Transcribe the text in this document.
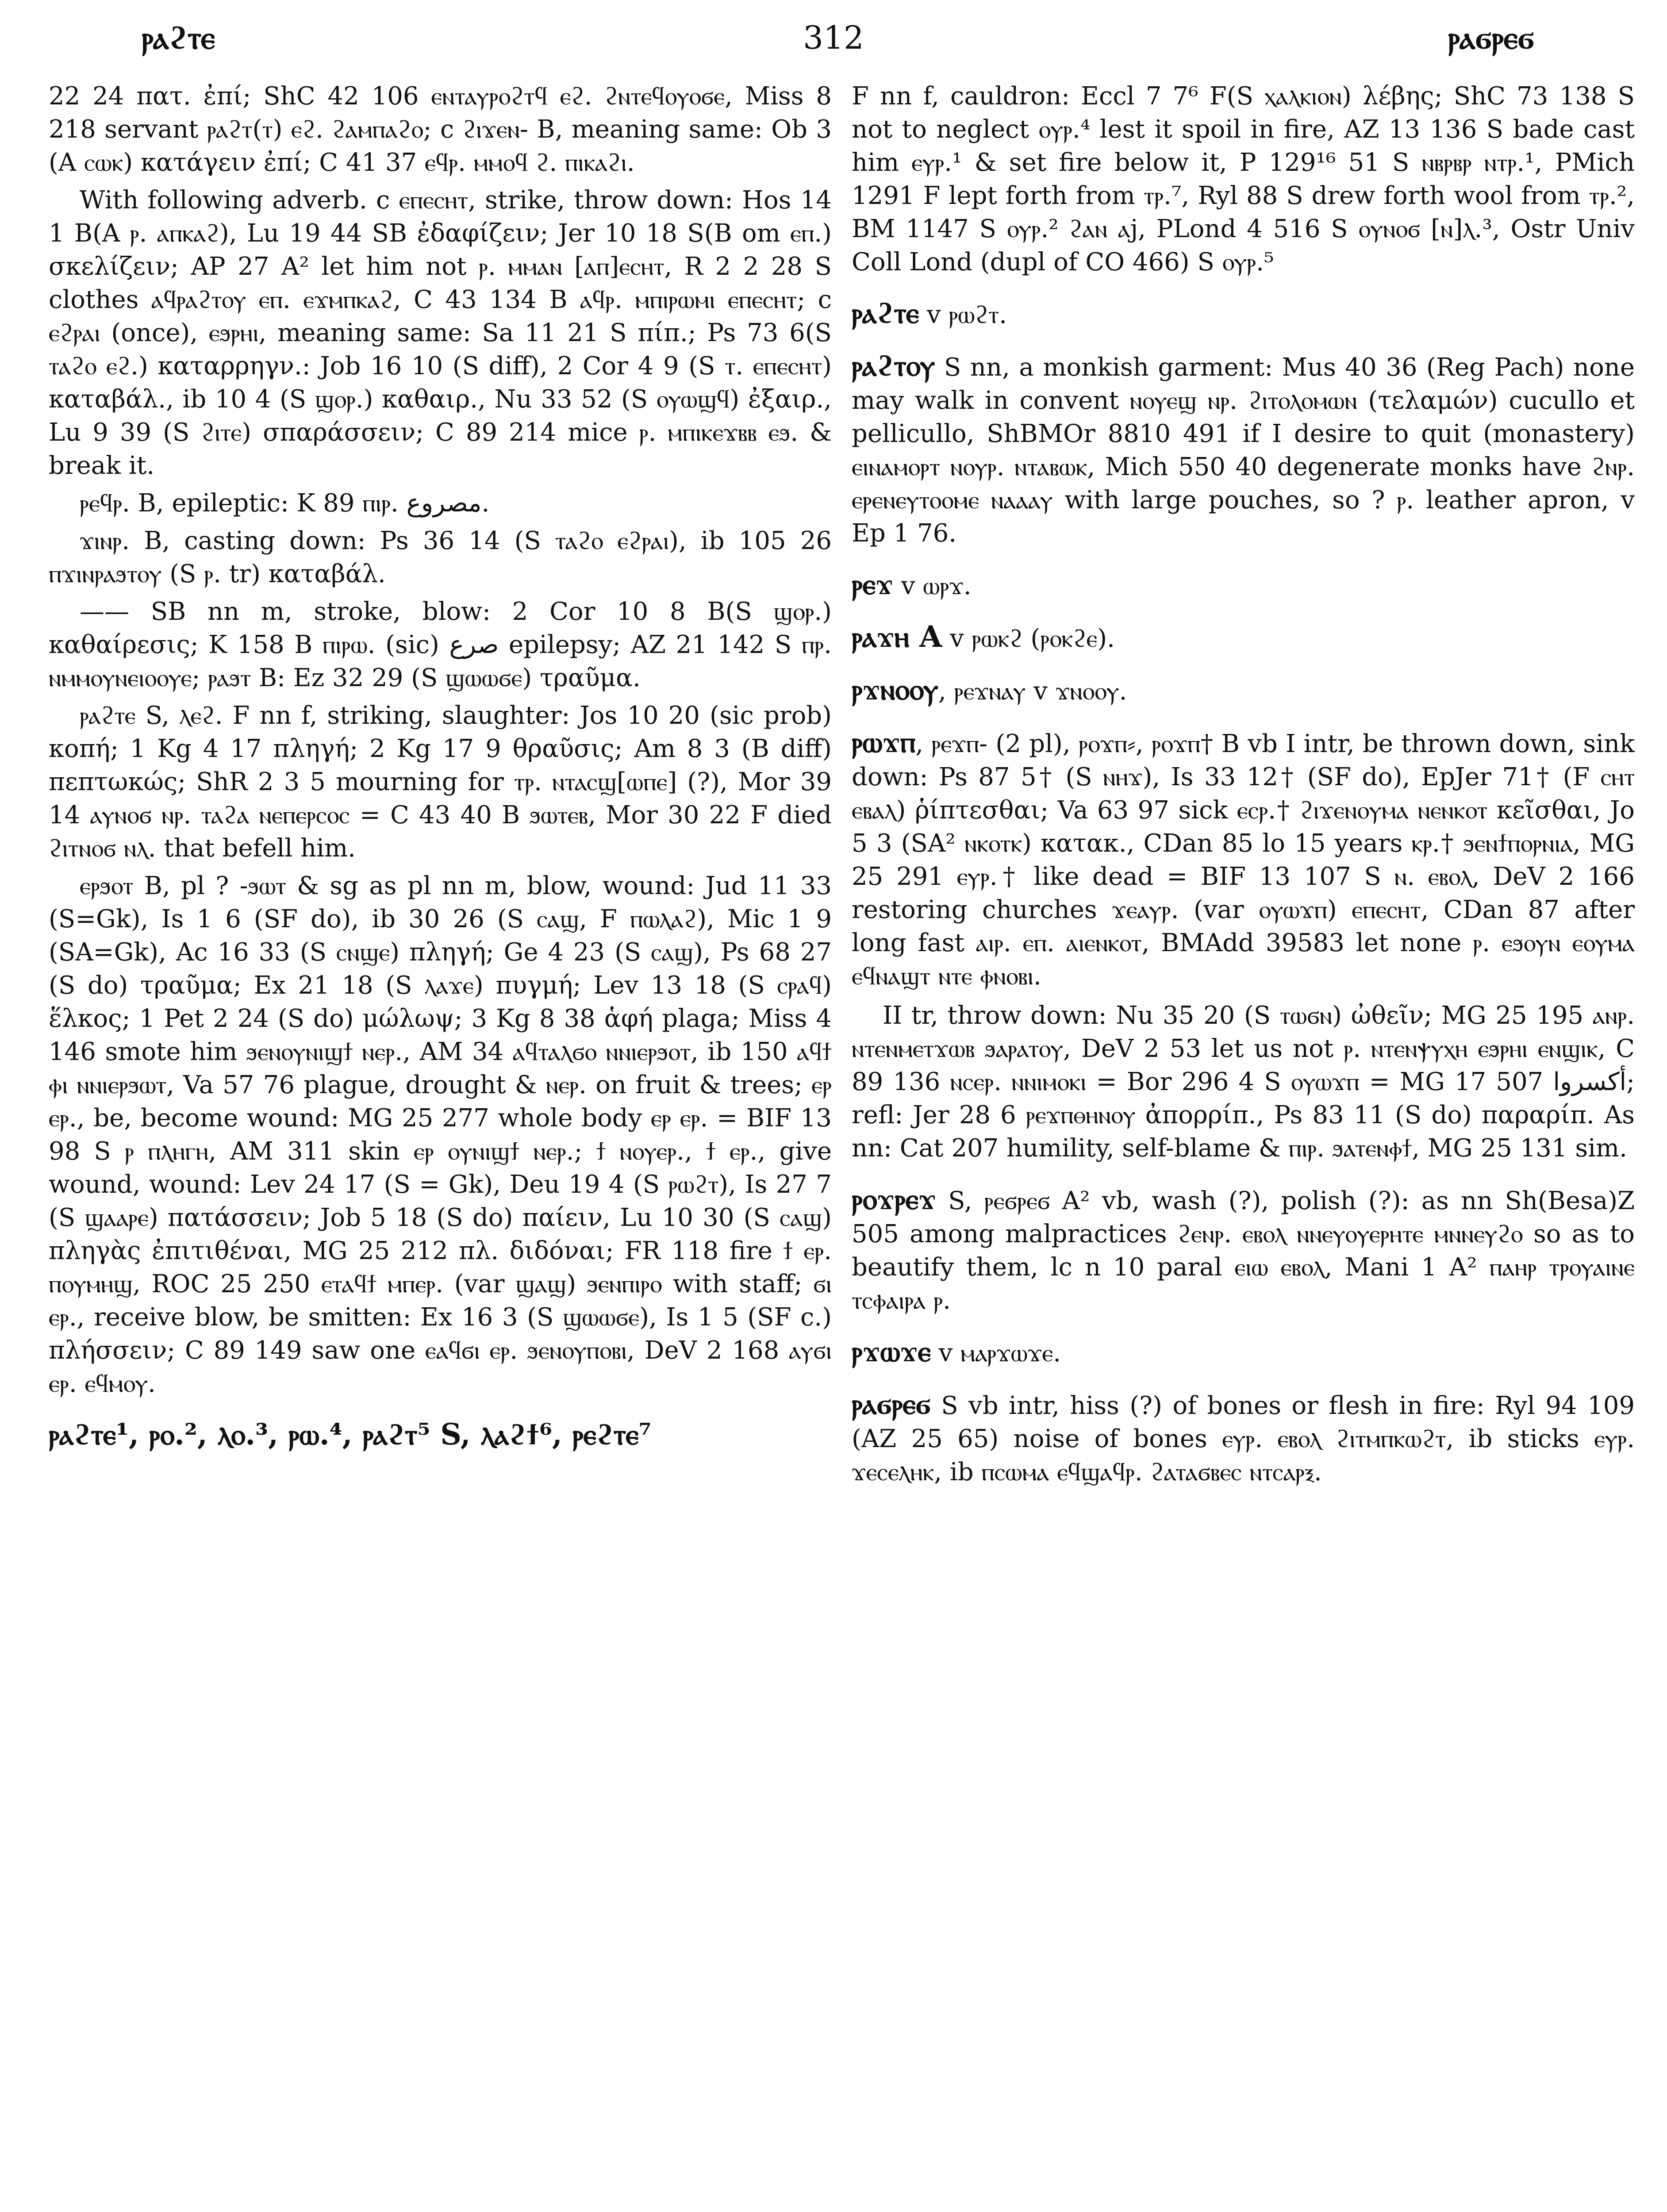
ⲣⲁϩⲧⲉ	312	ⲣⲁϭⲣⲉϭ

22 24 πατ. ἐπί; ShC 42 106 ⲉⲛⲧⲁⲩⲣⲟϩⲧϥ ⲉϩ. ϩⲛⲧⲉϥⲟⲩⲟϭⲉ, Miss 8 218 servant ⲣⲁϩⲧ(ⲧ) ⲉϩ. ϩⲁⲙⲡⲁϩⲟ; c ϩⲓϫⲉⲛ- B, meaning same: Ob 3 (A ⲥⲱⲕ) κατάγειν ἐπί; C 41 37 ⲉϥⲣ. ⲙⲙⲟϥ ϩ. ⲡⲓⲕⲁϩⲓ.

With following adverb. c ⲉⲡⲉⲥⲏⲧ, strike, throw down: Hos 14 1 B(A ⲣ. ⲁⲡⲕⲁϩ), Lu 19 44 SB ἐδαφίζειν; Jer 10 18 S(B om ⲉⲡ.) σκελίζειν; AP 27 A² let him not ⲣ. ⲙⲙⲁⲛ [ⲁⲡ]ⲉⲥⲏⲧ, R 2 2 28 S clothes ⲁϥⲣⲁϩⲧⲟⲩ ⲉⲡ. ⲉϫⲙⲡⲕⲁϩ, C 43 134 B ⲁϥⲣ. ⲙⲡⲓⲣⲱⲙⲓ ⲉⲡⲉⲥⲏⲧ; c ⲉϩⲣⲁⲓ (once), ⲉϧⲣⲏⲓ, meaning same: Sa 11 21 S πίπ.; Ps 73 6(S ⲧⲁϩⲟ ⲉϩ.) καταρρηγν.: Job 16 10 (S diff), 2 Cor 4 9 (S ⲧ. ⲉⲡⲉⲥⲏⲧ) καταβάλ., ib 10 4 (S ϣⲟⲣ.) καθαιρ., Nu 33 52 (S ⲟⲩⲱϣϥ) ἐξαιρ., Lu 9 39 (S ϩⲓⲧⲉ) σπαράσσειν; C 89 214 mice ⲣ. ⲙⲡⲓⲕⲉϫⲃⲃ ⲉϧ. & break it.

ⲣⲉϥⲣ. B, epileptic: K 89 ⲡⲓⲣ. مصروع.

ϫⲓⲛⲣ. B, casting down: Ps 36 14 (S ⲧⲁϩⲟ ⲉϩⲣⲁⲓ), ib 105 26 ⲡϫⲓⲛⲣⲁϧⲧⲟⲩ (S ⲣ. tr) καταβάλ.

—— SB nn m, stroke, blow: 2 Cor 10 8 B(S ϣⲟⲣ.) καθαίρεσις; K 158 B ⲡⲓⲣⲱ. (sic) صرع epilepsy; AZ 21 142 S ⲡⲣ. ⲛⲙⲙⲟⲩⲛⲉⲓⲟⲟⲩⲉ; ⲣⲁϧⲧ B: Ez 32 29 (S ϣⲱⲱϭⲉ) τραῦμα.

ⲣⲁϩⲧⲉ S, ⲗⲉϩ. F nn f, striking, slaughter: Jos 10 20 (sic prob) κοπή; 1 Kg 4 17 πληγή; 2 Kg 17 9 θραῦσις; Am 8 3 (B diff) πεπτωκώς; ShR 2 3 5 mourning for ⲧⲣ. ⲛⲧⲁⲥϣ[ⲱⲡⲉ] (?), Mor 39 14 ⲁⲩⲛⲟϭ ⲛⲣ. ⲧⲁϩⲁ ⲛⲉⲡⲉⲣⲥⲟⲥ = C 43 40 B ϧⲱⲧⲉⲃ, Mor 30 22 F died ϩⲓⲧⲛⲟϭ ⲛⲗ. that befell him.

ⲉⲣϧⲟⲧ B, pl ? -ϧⲱⲧ & sg as pl nn m, blow, wound: Jud 11 33 (S=Gk), Is 1 6 (SF do), ib 30 26 (S ⲥⲁϣ, F ⲡⲱⲗⲁϩ), Mic 1 9 (SA=Gk), Ac 16 33 (S ⲥⲛϣⲉ) πληγή; Ge 4 23 (S ⲥⲁϣ), Ps 68 27 (S do) τραῦμα; Ex 21 18 (S ⲗⲁϫⲉ) πυγμή; Lev 13 18 (S ⲥⲣⲁϥ) ἕλκος; 1 Pet 2 24 (S do) μώλωψ; 3 Kg 8 38 ἁφή plaga; Miss 4 146 smote him ϧⲉⲛⲟⲩⲛⲓϣϯ ⲛⲉⲣ., AM 34 ⲁϥⲧⲁⲗϭⲟ ⲛⲛⲓⲉⲣϧⲟⲧ, ib 150 ⲁϥϯ ⲫⲓ ⲛⲛⲓⲉⲣϧⲱⲧ, Va 57 76 plague, drought & ⲛⲉⲣ. on fruit & trees; ⲉⲣ ⲉⲣ., be, become wound: MG 25 277 whole body ⲉⲣ ⲉⲣ. = BIF 13 98 S ⲣ ⲡⲗⲏⲅⲏ, AM 311 skin ⲉⲣ ⲟⲩⲛⲓϣϯ ⲛⲉⲣ.; ϯ ⲛⲟⲩⲉⲣ., ϯ ⲉⲣ., give wound, wound: Lev 24 17 (S = Gk), Deu 19 4 (S ⲣⲱϩⲧ), Is 27 7 (S ϣⲁⲁⲣⲉ) πατάσσειν; Job 5 18 (S do) παίειν, Lu 10 30 (S ⲥⲁϣ) πληγὰς ἐπιτιθέναι, MG 25 212 πλ. διδόναι; FR 118 fire ϯ ⲉⲣ. ⲡⲟⲩⲙⲏϣ, ROC 25 250 ⲉⲧⲁϥϯ ⲙⲡⲉⲣ. (var ϣⲁϣ) ϧⲉⲛⲡⲓⲣⲟ with staff; ϭⲓ ⲉⲣ., receive blow, be smitten: Ex 16 3 (S ϣⲱⲱϭⲉ), Is 1 5 (SF c.) πλήσσειν; C 89 149 saw one ⲉⲁϥϭⲓ ⲉⲣ. ϧⲉⲛⲟⲩⲡⲟⲃⲓ, DeV 2 168 ⲁⲩϭⲓ ⲉⲣ. ⲉϥⲙⲟⲩ.

ⲣⲁϩⲧⲉ¹, ⲣⲟ.², ⲗⲟ.³, ⲣⲱ.⁴, ⲣⲁϩⲧ⁵ S, ⲗⲁϩϯ⁶, ⲣⲉϩⲧⲉ⁷

F nn f, cauldron: Eccl 7 7⁶ F(S ⲭⲁⲗⲕⲓⲟⲛ) λέβης; ShC 73 138 S not to neglect ⲟⲩⲣ.⁴ lest it spoil in fire, AZ 13 136 S bade cast him ⲉⲩⲣ.¹ & set fire below it, P 129¹⁶ 51 S ⲛⲃⲣⲃⲣ ⲛⲧⲣ.¹, PMich 1291 F lept forth from ⲧⲣ.⁷, Ryl 88 S drew forth wool from ⲧⲣ.², BM 1147 S ⲟⲩⲣ.² ϩⲁⲛ ⲁϳ, PLond 4 516 S ⲟⲩⲛⲟϭ [ⲛ]ⲗ.³, Ostr Univ Coll Lond (dupl of CO 466) S ⲟⲩⲣ.⁵

ⲣⲁϩⲧⲉ v ⲣⲱϩⲧ.

ⲣⲁϩⲧⲟⲩ S nn, a monkish garment: Mus 40 36 (Reg Pach) none may walk in convent ⲛⲟⲩⲉϣ ⲛⲣ. ϩⲓⲧⲟⲗⲟⲙⲱⲛ (τελαμών) cucullo et pellicullo, ShBMOr 8810 491 if I desire to quit (monastery) ⲉⲓⲛⲁⲙⲟⲣⲧ ⲛⲟⲩⲣ. ⲛⲧⲁⲃⲱⲕ, Mich 550 40 degenerate monks have ϩⲛⲣ. ⲉⲣⲉⲛⲉⲩⲧⲟⲟⲙⲉ ⲛⲁⲁⲁⲩ with large pouches, so ? ⲣ. leather apron, v Ep 1 76.

ⲣⲉϫ v ⲱⲣϫ.

ⲣⲁϫⲏ A v ⲣⲱⲕϩ (ⲣⲟⲕϩⲉ).

ⲣϫⲛⲟⲟⲩ, ⲣⲉϫⲛⲁⲩ v ϫⲛⲟⲟⲩ.

ⲣⲱϫⲡ, ⲣⲉϫⲡ- (2 pl), ⲣⲟϫⲡ⸗, ⲣⲟϫⲡ† B vb I intr, be thrown down, sink down: Ps 87 5† (S ⲛⲏϫ), Is 33 12† (SF do), EpJer 71† (F ⲥⲏⲧ ⲉⲃⲁⲗ) ῥίπτεσθαι; Va 63 97 sick ⲉⲥⲣ.† ϩⲓϫⲉⲛⲟⲩⲙⲁ ⲛⲉⲛⲕⲟⲧ κεῖσθαι, Jo 5 3 (SA² ⲛⲕⲟⲧⲕ) κατακ., CDan 85 lo 15 years ⲕⲣ.† ϧⲉⲛϯⲡⲟⲣⲛⲓⲁ, MG 25 291 ⲉⲩⲣ.† like dead = BIF 13 107 S ⲛ. ⲉⲃⲟⲗ, DeV 2 166 restoring churches ϫⲉⲁⲩⲣ. (var ⲟⲩⲱϫⲡ) ⲉⲡⲉⲥⲏⲧ, CDan 87 after long fast ⲁⲓⲣ. ⲉⲡ. ⲁⲓⲉⲛⲕⲟⲧ, BMAdd 39583 let none ⲣ. ⲉϧⲟⲩⲛ ⲉⲟⲩⲙⲁ ⲉϥⲛⲁϣⲧ ⲛⲧⲉ ⲫⲛⲟⲃⲓ.

II tr, throw down: Nu 35 20 (S ⲧⲱϭⲛ) ὠθεῖν; MG 25 195 ⲁⲛⲣ. ⲛⲧⲉⲛⲙⲉⲧϫⲱⲃ ϧⲁⲣⲁⲧⲟⲩ, DeV 2 53 let us not ⲣ. ⲛⲧⲉⲛⲯⲩⲭⲏ ⲉϧⲣⲏⲓ ⲉⲛϣⲓⲕ, C 89 136 ⲛⲥⲉⲣ. ⲛⲛⲓⲙⲟⲕⲓ = Bor 296 4 S ⲟⲩⲱϫⲡ = MG 17 507 أكسروا; refl: Jer 28 6 ⲣⲉϫⲡⲑⲏⲛⲟⲩ ἀπορρίπ., Ps 83 11 (S do) παραρίπ. As nn: Cat 207 humility, self-blame & ⲡⲓⲣ. ϧⲁⲧⲉⲛⲫϯ, MG 25 131 sim.

ⲣⲟϫⲣⲉϫ S, ⲣⲉϭⲣⲉϭ A² vb, wash (?), polish (?): as nn Sh(Besa)Z 505 among malpractices ϩⲉⲛⲣ. ⲉⲃⲟⲗ ⲛⲛⲉⲩⲟⲩⲉⲣⲏⲧⲉ ⲙⲛⲛⲉⲩϩⲟ so as to beautify them, lc n 10 paral ⲉⲓⲱ ⲉⲃⲟⲗ, Mani 1 A² ⲡⲁⲏⲣ ⲧⲣⲟⲩⲁⲓⲛⲉ ⲧⲥⲫⲁⲓⲣⲁ ⲣ.

ⲣϫⲱϫⲉ v ⲙⲁⲣϫⲱϫⲉ.

ⲣⲁϭⲣⲉϭ S vb intr, hiss (?) of bones or flesh in fire: Ryl 94 109 (AZ 25 65) noise of bones ⲉⲩⲣ. ⲉⲃⲟⲗ ϩⲓⲧⲙⲡⲕⲱϩⲧ, ib sticks ⲉⲩⲣ. ϫⲉⲥⲉⲗⲏⲕ, ib ⲡⲥⲱⲙⲁ ⲉϥϣⲁϥⲣ. ϩⲁⲧⲁϭⲃⲉⲥ ⲛⲧⲥⲁⲣⲝ.
